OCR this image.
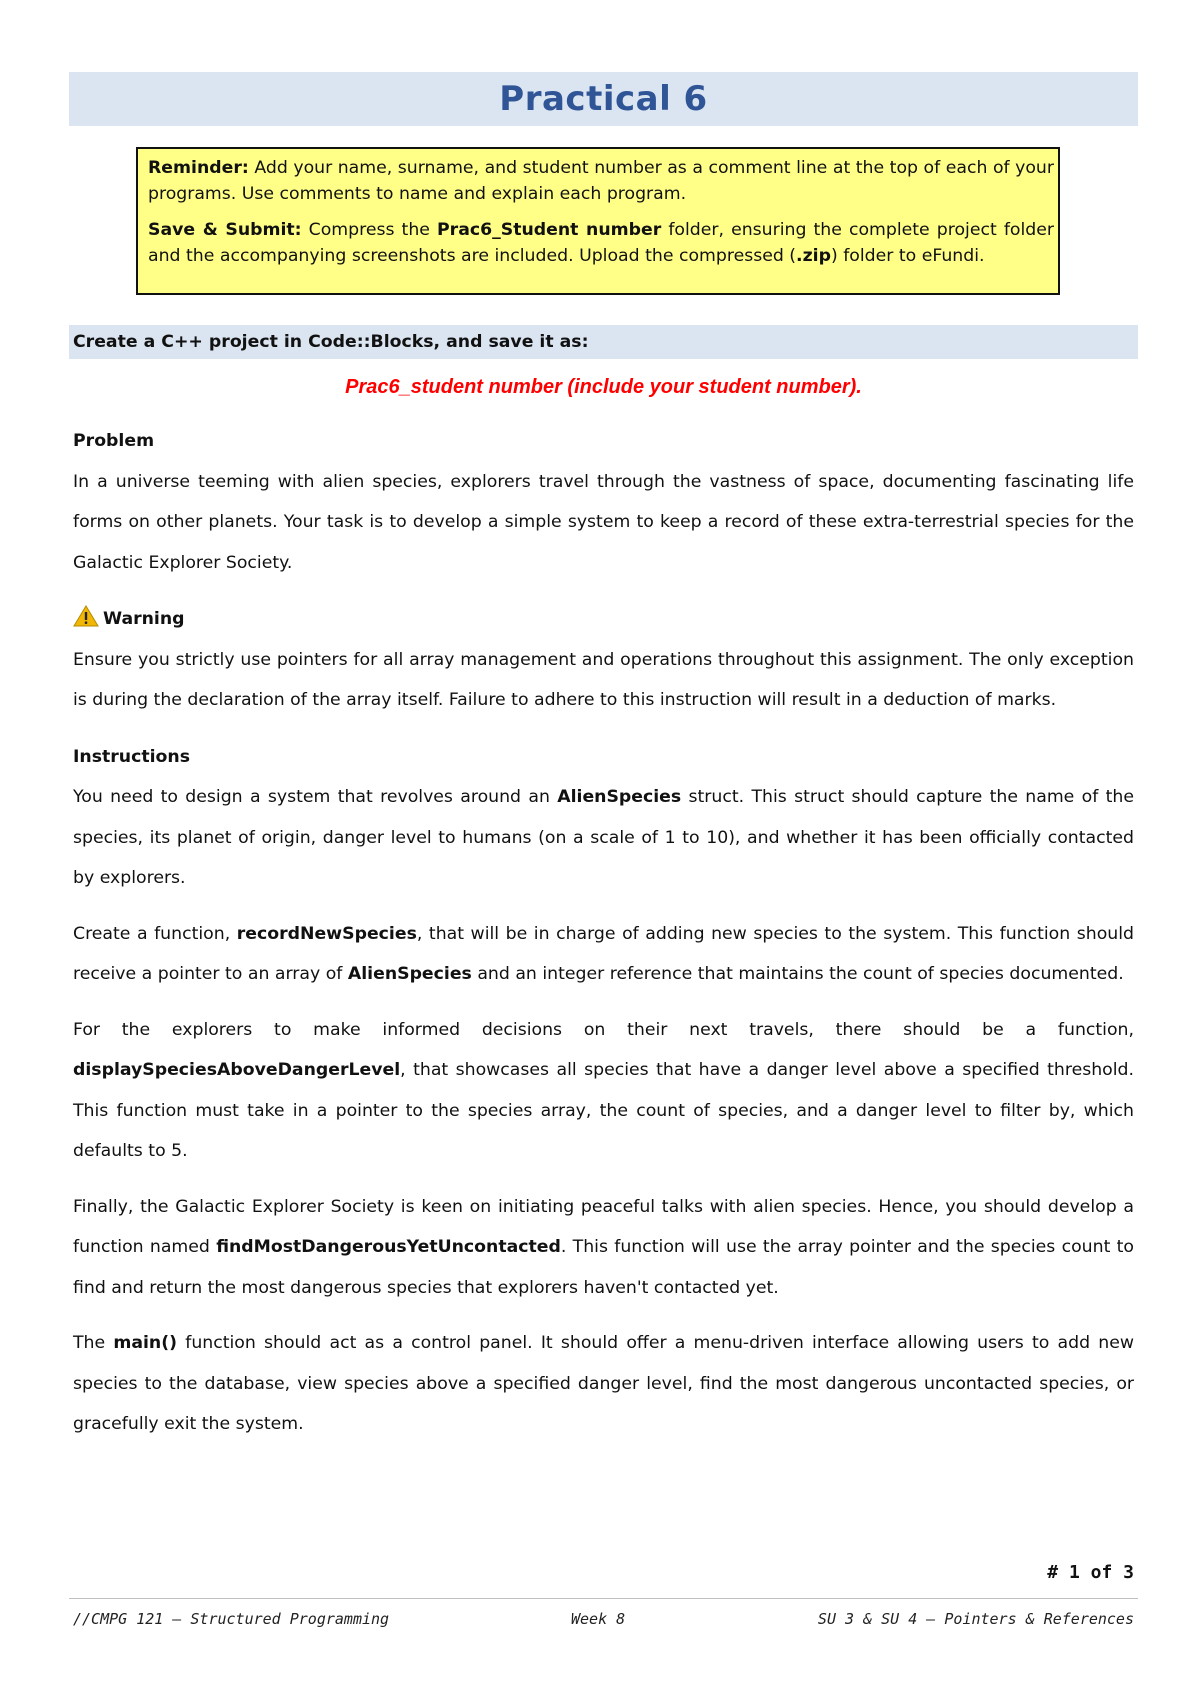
Practical 6

Reminder: Add your name, surname, and student number as a comment line at the top of each of your programs. Use comments to name and explain each program.

Save & Submit: Compress the Prac6_Student number folder, ensuring the complete project folder and the accompanying screenshots are included. Upload the compressed (.zip) folder to eFundi.

Create a C++ project in Code::Blocks, and save it as:
Prac6_student number (include your student number).

Problem

In a universe teeming with alien species, explorers travel through the vastness of space, documenting fascinating life forms on other planets. Your task is to develop a simple system to keep a record of these extra-terrestrial species for the Galactic Explorer Society.

Warning

Ensure you strictly use pointers for all array management and operations throughout this assignment. The only exception is during the declaration of the array itself. Failure to adhere to this instruction will result in a deduction of marks.

Instructions

You need to design a system that revolves around an AlienSpecies struct. This struct should capture the name of the species, its planet of origin, danger level to humans (on a scale of 1 to 10), and whether it has been officially contacted by explorers.

Create a function, recordNewSpecies, that will be in charge of adding new species to the system. This function should receive a pointer to an array of AlienSpecies and an integer reference that maintains the count of species documented.

For the explorers to make informed decisions on their next travels, there should be a function, displaySpeciesAboveDangerLevel, that showcases all species that have a danger level above a specified threshold. This function must take in a pointer to the species array, the count of species, and a danger level to filter by, which defaults to 5.

Finally, the Galactic Explorer Society is keen on initiating peaceful talks with alien species. Hence, you should develop a function named findMostDangerousYetUncontacted. This function will use the array pointer and the species count to find and return the most dangerous species that explorers haven't contacted yet.

The main() function should act as a control panel. It should offer a menu-driven interface allowing users to add new species to the database, view species above a specified danger level, find the most dangerous uncontacted species, or gracefully exit the system.

# 1 of 3
//CMPG 121 – Structured Programming	Week 8	SU 3 & SU 4 – Pointers & References
